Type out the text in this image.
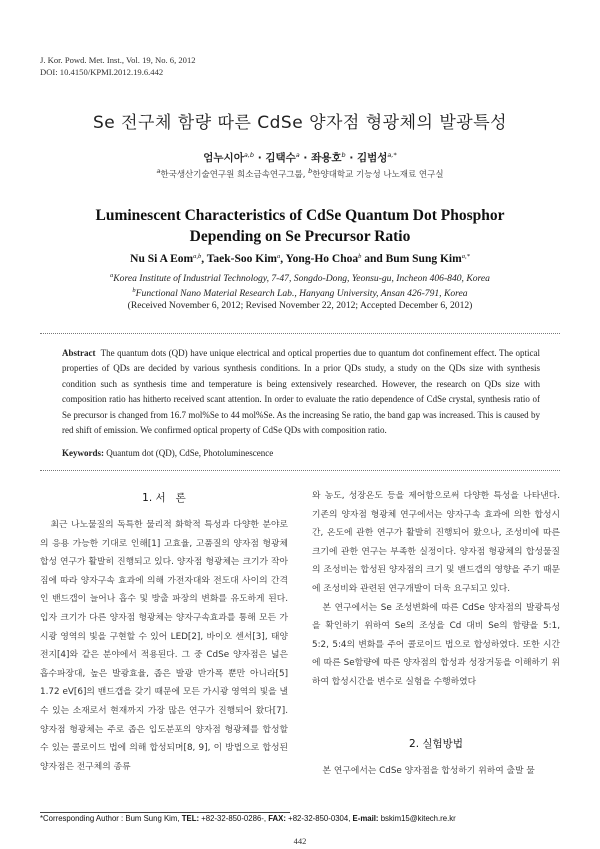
J. Kor. Powd. Met. Inst., Vol. 19, No. 6, 2012
DOI: 10.4150/KPMI.2012.19.6.442
Se 전구체 함량 따른 CdSe 양자점 형광체의 발광특성
엄누시아$^{a,b}$ · 김택수$^a$ · 좌용호$^b$ · 김범성$^{a,*}$
$^a$한국생산기술연구원 희소금속연구그룹, $^b$한양대학교 기능성 나노재료 연구실
Luminescent Characteristics of CdSe Quantum Dot Phosphor
Depending on Se Precursor Ratio
Nu Si A Eom$^{a,b}$, Taek-Soo Kim$^a$, Yong-Ho Choa$^b$ and Bum Sung Kim$^{a,*}$
$^a$Korea Institute of Industrial Technology, 7-47, Songdo-Dong, Yeonsu-gu, Incheon 406-840, Korea
$^b$Functional Nano Material Research Lab., Hanyang University, Ansan 426-791, Korea
(Received November 6, 2012; Revised November 22, 2012; Accepted December 6, 2012)
Abstract The quantum dots (QD) have unique electrical and optical properties due to quantum dot confinement effect. The optical properties of QDs are decided by various synthesis conditions. In a prior QDs study, a study on the QDs size with synthesis condition such as synthesis time and temperature is being extensively researched. However, the research on QDs size with composition ratio has hitherto received scant attention. In order to evaluate the ratio dependence of CdSe crystal, synthesis ratio of Se precursor is changed from 16.7 mol%Se to 44 mol%Se. As the increasing Se ratio, the band gap was increased. This is caused by red shift of emission. We confirmed optical property of CdSe QDs with composition ratio.
Keywords: Quantum dot (QD), CdSe, Photoluminescence
1. 서   론

최근 나노물질의 독특한 물리적 화학적 특성과 다양한 분야로의 응용 가능한 기대로 인해[1] 고효율, 고품질의 양자점 형광체 합성 연구가 활발히 진행되고 있다. 양자점 형광체는 크기가 작아짐에 따라 양자구속 효과에 의해 가전자대와 전도대 사이의 간격인 밴드갭이 늘어나 흡수 및 방출 파장의 변화를 유도하게 된다. 입자 크기가 다른 양자점 형광체는 양자구속효과를 통해 모든 가시광 영역의 빛을 구현할 수 있어 LED[2], 바이오 센서[3], 태양전지[4]와 같은 분야에서 적용된다. 그 중 CdSe 양자점은 넓은 흡수파장대, 높은 발광효율, 좁은 발광 반가폭 뿐만 아니라[5] 1.72 eV[6]의 밴드갭을 갖기 때문에 모든 가시광 영역의 빛을 낼 수 있는 소재로서 현재까지 가장 많은 연구가 진행되어 왔다[7]. 양자점 형광체는 주로 좁은 입도분포의 양자점 형광체를 합성할 수 있는 콜로이드 법에 의해 합성되며[8, 9], 이 방법으로 합성된 양자점은 전구체의 종류

와 농도, 성장온도 등을 제어함으로써 다양한 특성을 나타낸다. 기존의 양자점 형광체 연구에서는 양자구속 효과에 의한 합성시간, 온도에 관한 연구가 활발히 진행되어 왔으나, 조성비에 따른 크기에 관한 연구는 부족한 실정이다. 양자점 형광체의 합성물질의 조성비는 합성된 양자점의 크기 및 밴드갭의 영향을 주기 때문에 조성비와 관련된 연구개발이 더욱 요구되고 있다.

본 연구에서는 Se 조성변화에 따른 CdSe 양자점의 발광특성을 확인하기 위하여 Se의 조성을 Cd 대비 Se의 함량을 5:1, 5:2, 5:4의 변화를 주어 콜로이드 법으로 합성하였다. 또한 시간에 따른 Se함량에 따른 양자점의 합성과 성장거동을 이해하기 위하여 합성시간을 변수로 실험을 수행하였다

2. 실험방법

본 연구에서는 CdSe 양자점을 합성하기 위하여 출발 물

*Corresponding Author : Bum Sung Kim, TEL: +82-32-850-0286-, FAX: +82-32-850-0304, E-mail: bskim15@kitech.re.kr
442
